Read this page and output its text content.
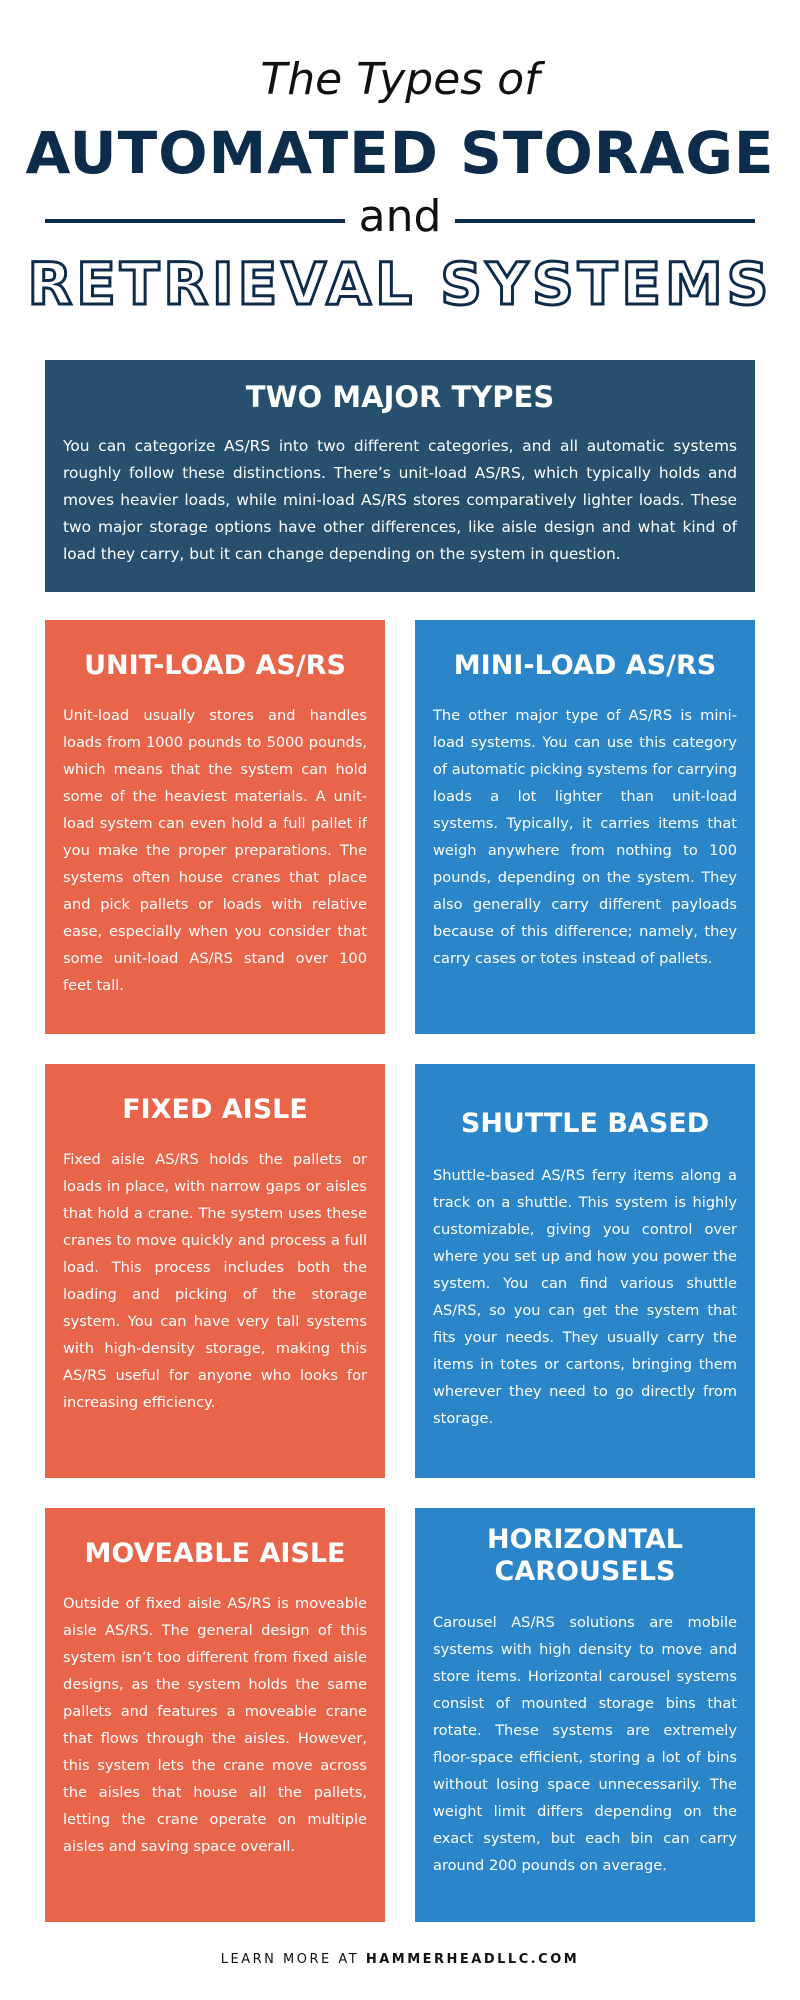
The Types of
AUTOMATED STORAGE
and
RETRIEVAL SYSTEMS
TWO MAJOR TYPES

You can categorize AS/RS into two different categories, and all automatic systems roughly follow these distinctions. There’s unit-load AS/RS, which typically holds and moves heavier loads, while mini-load AS/RS stores comparatively lighter loads. These two major storage options have other differences, like aisle design and what kind of load they carry, but it can change depending on the system in question.

UNIT-LOAD AS/RS

Unit-load usually stores and handles loads from 1000 pounds to 5000 pounds, which means that the system can hold some of the heaviest materials. A unit-load system can even hold a full pallet if you make the proper preparations. The systems often house cranes that place and pick pallets or loads with relative ease, especially when you consider that some unit-load AS/RS stand over 100 feet tall.

MINI-LOAD AS/RS

The other major type of AS/RS is mini-load systems. You can use this category of automatic picking systems for carrying loads a lot lighter than unit-load systems. Typically, it carries items that weigh anywhere from nothing to 100 pounds, depending on the system. They also generally carry different payloads because of this difference; namely, they carry cases or totes instead of pallets.

FIXED AISLE

Fixed aisle AS/RS holds the pallets or loads in place, with narrow gaps or aisles that hold a crane. The system uses these cranes to move quickly and process a full load. This process includes both the loading and picking of the storage system. You can have very tall systems with high-density storage, making this AS/RS useful for anyone who looks for increasing efficiency.

SHUTTLE BASED

Shuttle-based AS/RS ferry items along a track on a shuttle. This system is highly customizable, giving you control over where you set up and how you power the system. You can find various shuttle AS/RS, so you can get the system that fits your needs. They usually carry the items in totes or cartons, bringing them wherever they need to go directly from storage.

MOVEABLE AISLE

Outside of fixed aisle AS/RS is moveable aisle AS/RS. The general design of this system isn’t too different from fixed aisle designs, as the system holds the same pallets and features a moveable crane that flows through the aisles. However, this system lets the crane move across the aisles that house all the pallets, letting the crane operate on multiple aisles and saving space overall.

HORIZONTAL CAROUSELS

Carousel AS/RS solutions are mobile systems with high density to move and store items. Horizontal carousel systems consist of mounted storage bins that rotate. These systems are extremely floor-space efficient, storing a lot of bins without losing space unnecessarily. The weight limit differs depending on the exact system, but each bin can carry around 200 pounds on average.

LEARN MORE AT HAMMERHEADLLC.COM
